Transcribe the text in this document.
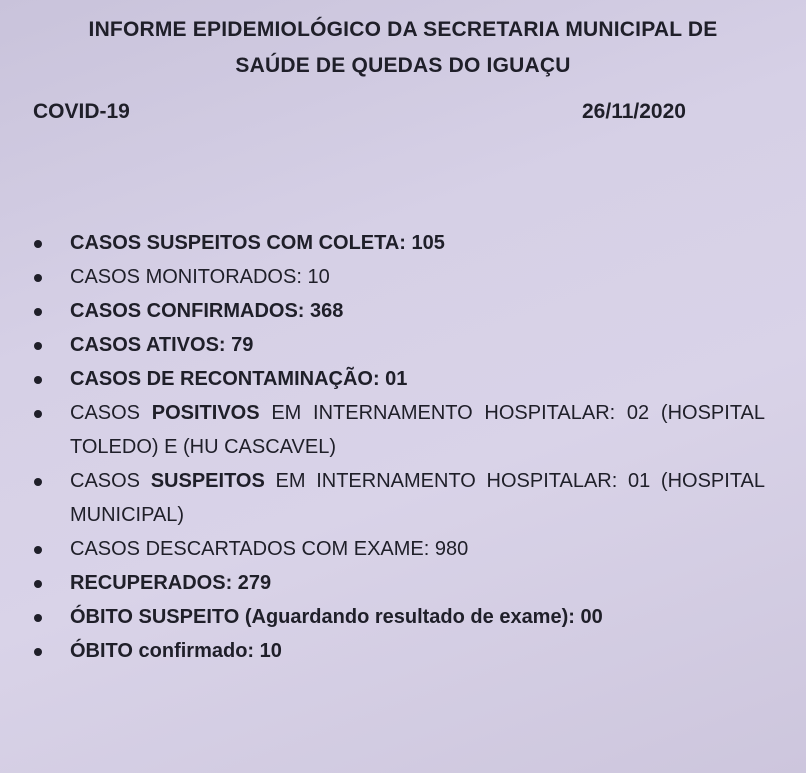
INFORME EPIDEMIOLÓGICO DA SECRETARIA MUNICIPAL DE
SAÚDE DE QUEDAS DO IGUAÇU
COVID-19	26/11/2020
CASOS SUSPEITOS COM COLETA: 105
CASOS MONITORADOS: 10
CASOS CONFIRMADOS: 368
CASOS ATIVOS: 79
CASOS DE RECONTAMINAÇÃO: 01
CASOS POSITIVOS EM INTERNAMENTO HOSPITALAR: 02 (HOSPITAL TOLEDO) E (HU CASCAVEL)
CASOS SUSPEITOS EM INTERNAMENTO HOSPITALAR: 01 (HOSPITAL MUNICIPAL)
CASOS DESCARTADOS COM EXAME: 980
RECUPERADOS: 279
ÓBITO SUSPEITO (Aguardando resultado de exame): 00
ÓBITO confirmado: 10
